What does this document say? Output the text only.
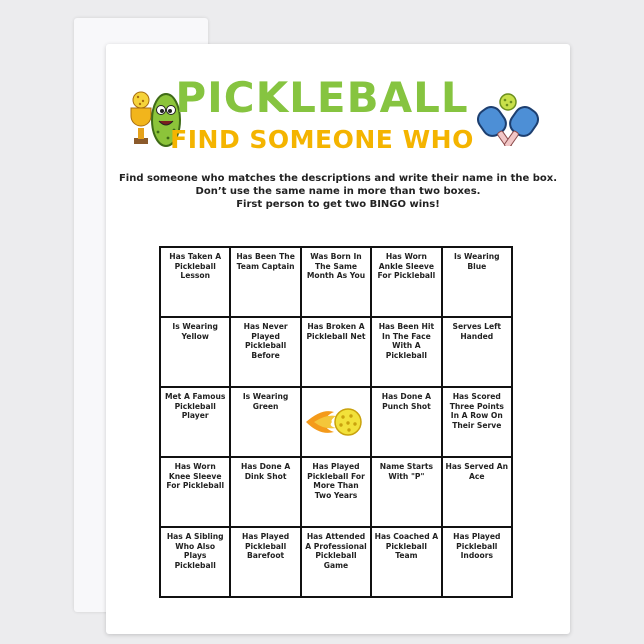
PICKLEBALL
FIND SOMEONE WHO
Find someone who matches the descriptions and write their name in the box.
Don’t use the same name in more than two boxes.
First person to get two BINGO wins!
Has Taken A Pickleball Lesson
Has Been The Team Captain
Was Born In The Same Month As You
Has Worn Ankle Sleeve For Pickleball
Is Wearing Blue
Is Wearing Yellow
Has Never Played Pickleball Before
Has Broken A Pickleball Net
Has Been Hit In The Face With A Pickleball
Serves Left Handed
Met A Famous Pickleball Player
Is Wearing Green
Has Done A Punch Shot
Has Scored Three Points In A Row On Their Serve
Has Worn Knee Sleeve For Pickleball
Has Done A Dink Shot
Has Played Pickleball For More Than Two Years
Name Starts With "P"
Has Served An Ace
Has A Sibling Who Also Plays Pickleball
Has Played Pickleball Barefoot
Has Attended A Professional Pickleball Game
Has Coached A Pickleball Team
Has Played Pickleball Indoors
